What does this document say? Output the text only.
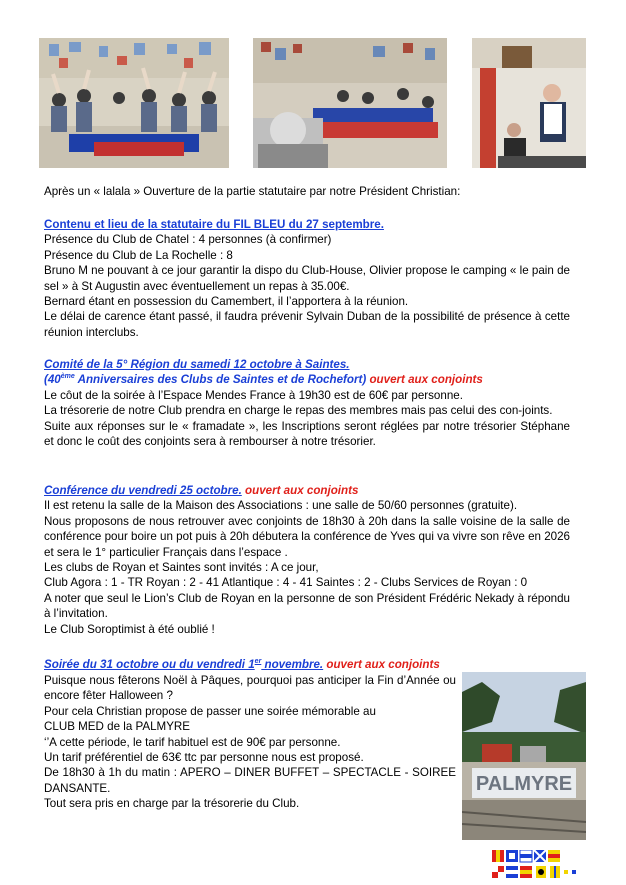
Après un « lalala » Ouverture de la partie statutaire par notre Président Christian:

Contenu et lieu de la statutaire du FIL BLEU du 27 septembre.

Présence du Club de Chatel : 4 personnes (à confirmer)

Présence du Club de La Rochelle : 8

Bruno M ne pouvant à ce jour garantir la dispo du Club-House, Olivier propose le camping « le pain de sel » à St Augustin avec éventuellement un repas à 35.00€.

Bernard étant en possession du Camembert, il l’apportera à la réunion.

Le délai de carence étant passé, il faudra prévenir Sylvain Duban de la possibilité de présence à cette réunion interclubs.

Comité de la 5° Région du samedi 12 octobre à Saintes.

(40ème Anniversaires des Clubs de Saintes et de Rochefort) ouvert aux conjoints

Le côut de la soirée à l’Espace Mendes France à 19h30 est de 60€ par personne.

La trésorerie de notre Club prendra en charge le repas des membres mais pas celui des con-joints.

Suite aux réponses sur le « framadate », les Inscriptions seront réglées par notre trésorier Stéphane et donc le coût des conjoints sera à rembourser à notre trésorier.

Conférence du vendredi 25 octobre. ouvert aux conjoints

Il est retenu la salle de la Maison des Associations : une salle de 50/60 personnes (gratuite).

Nous proposons de nous retrouver avec conjoints de 18h30 à 20h dans la salle voisine de la salle de conférence pour boire un pot puis à 20h débutera la conférence de Yves qui va vivre son rêve en 2026 et sera le 1° particulier Français dans l’espace .

Les clubs de Royan et Saintes sont invités : A ce jour,

Club Agora : 1 - TR Royan : 2 - 41 Atlantique : 4 - 41 Saintes : 2 - Clubs Services de Royan : 0

A noter que seul le Lion’s Club de Royan en la personne de son Président Frédéric Nekady à répondu à l’invitation.

Le Club Soroptimist à été oublié !

Soirée du 31 octobre ou du vendredi 1er novembre. ouvert aux conjoints

Puisque nous fêterons Noël à Pâques, pourquoi pas anticiper la Fin d’Année ou encore fêter Halloween ?

Pour cela Christian propose de passer une soirée mémorable au

CLUB MED de la PALMYRE

‘’A cette période, le tarif habituel est de 90€ par personne.

Un tarif préférentiel de 63€ ttc par personne nous est proposé.

De 18h30 à 1h du matin : APERO – DINER BUFFET – SPECTACLE - SOIREE DANSANTE.

Tout sera pris en charge par la trésorerie du Club.

PALMYRE
